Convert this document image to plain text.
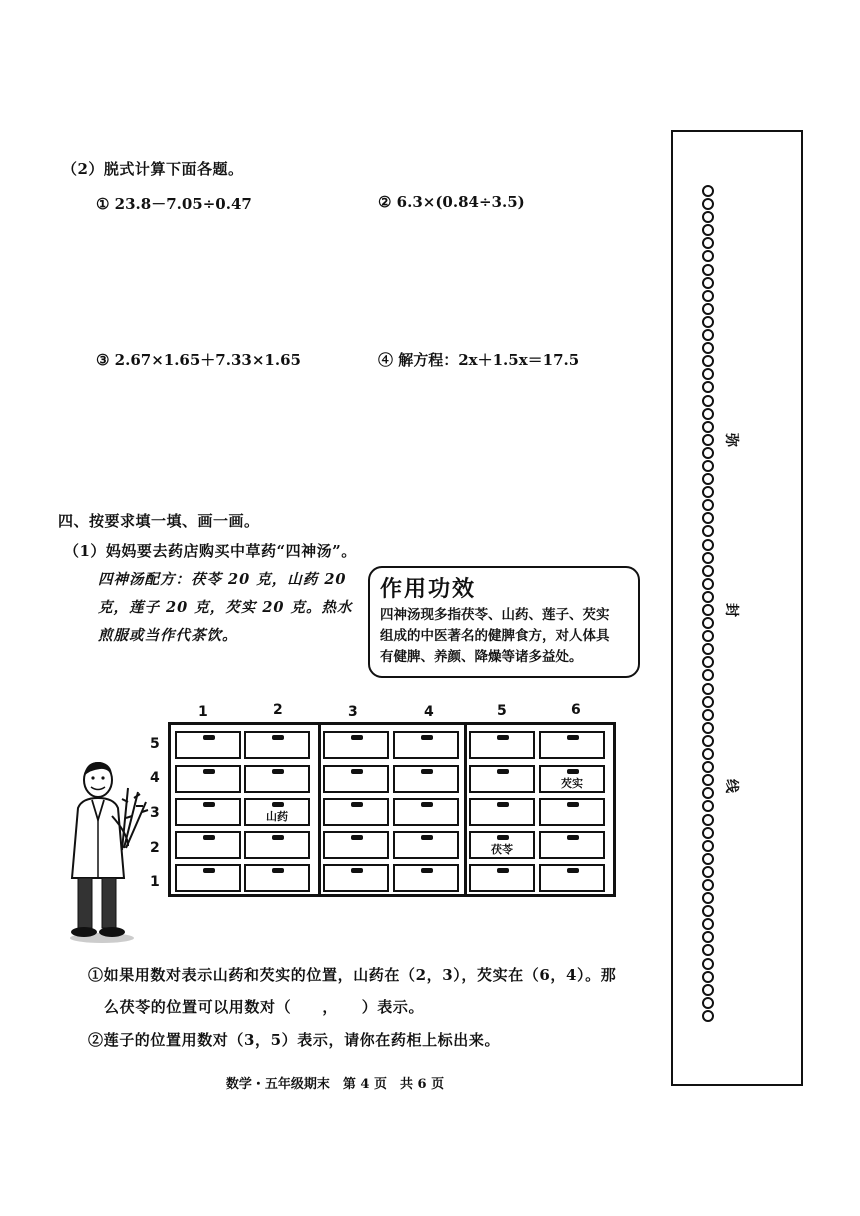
（2）脱式计算下面各题。
① 23.8－7.05÷0.47	② 6.3×(0.84÷3.5)
③ 2.67×1.65＋7.33×1.65	④ 解方程：2x＋1.5x＝17.5
四、按要求填一填、画一画。
（1）妈妈要去药店购买中草药“四神汤”。
四神汤配方：茯苓 20 克，山药 20
克，莲子 20 克，芡实 20 克。热水
煎服或当作代茶饮。
作用功效
四神汤现多指茯苓、山药、莲子、芡实
组成的中医著名的健脾食方，对人体具
有健脾、养颜、降燥等诸多益处。
1	2	3	4	5	6
5
4
3
2
1
芡实
山药
茯苓
①如果用数对表示山药和芡实的位置，山药在（2，3），芡实在（6，4）。那
么茯苓的位置可以用数对（　　，　　）表示。
②莲子的位置用数对（3，5）表示，请你在药柜上标出来。
弥
封
线
数学・五年级期末　第 4 页　共 6 页
